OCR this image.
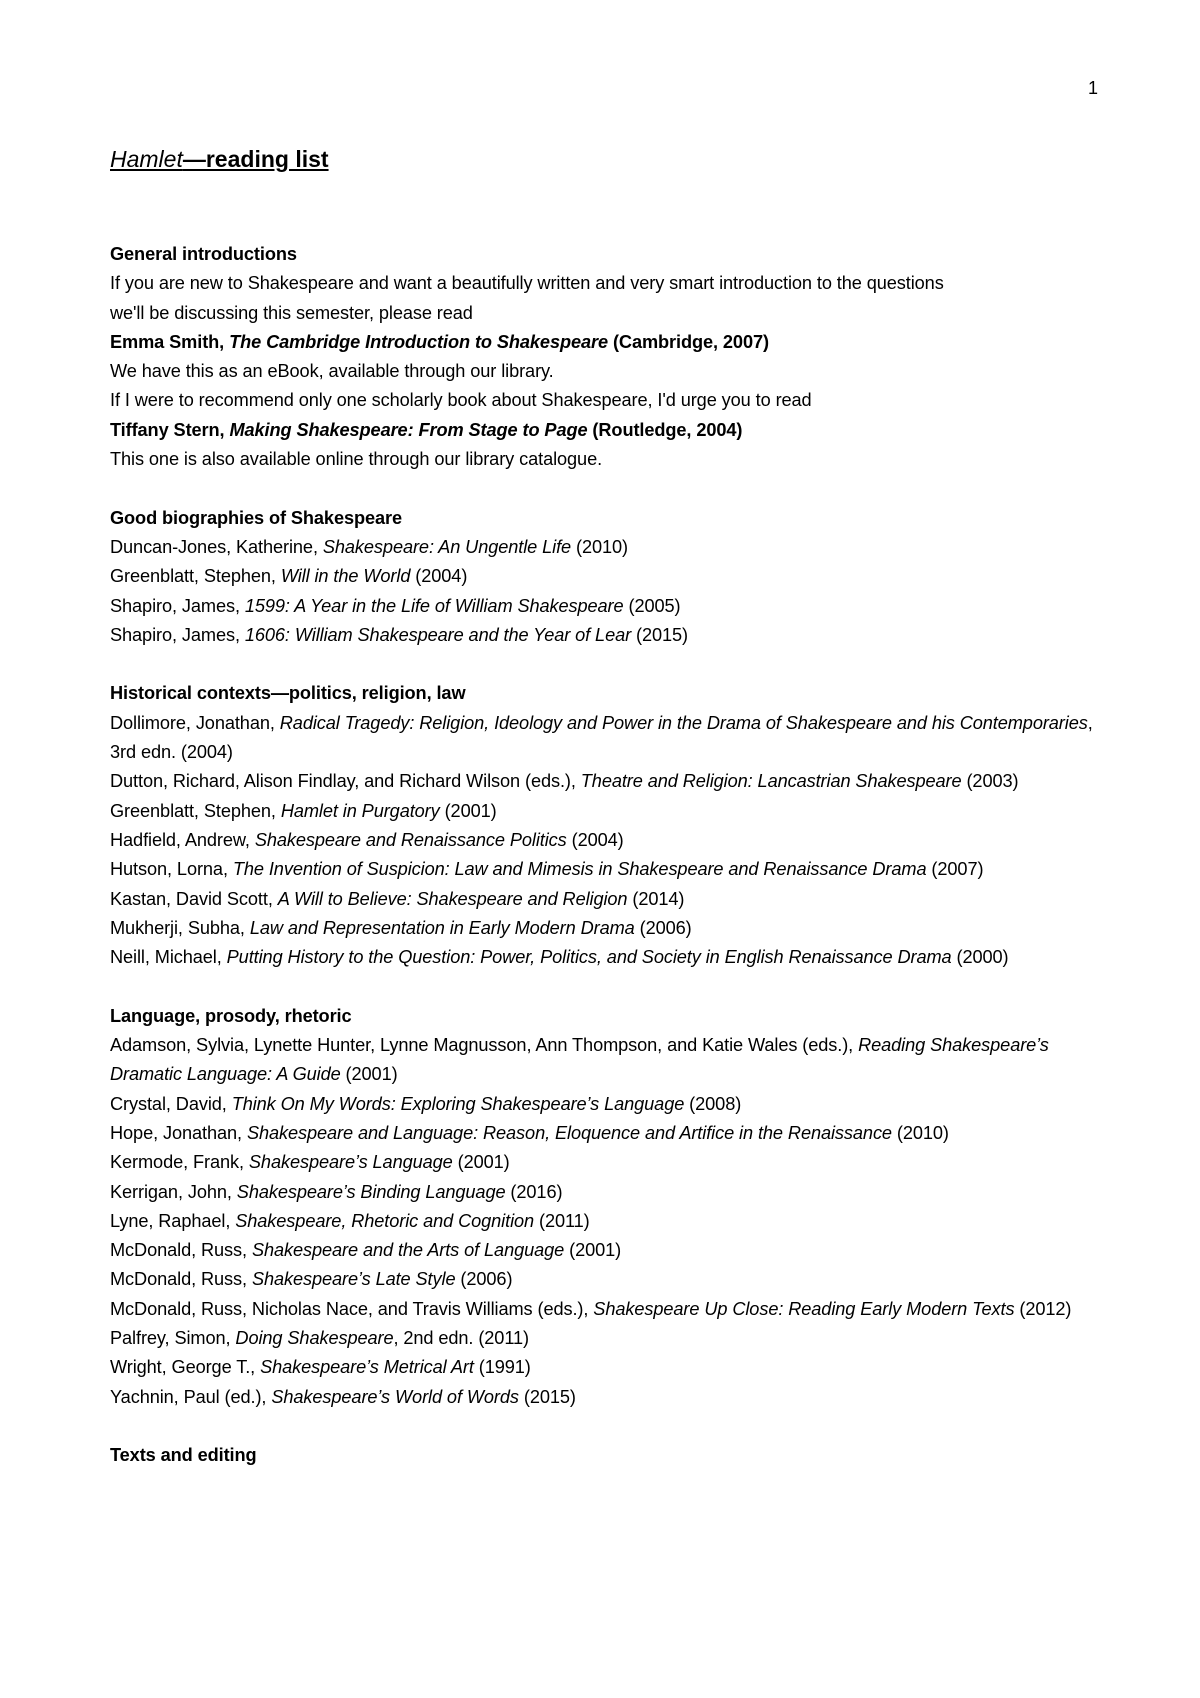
1
Hamlet—reading list
General introductions
If you are new to Shakespeare and want a beautifully written and very smart introduction to the questions
we'll be discussing this semester, please read
Emma Smith, The Cambridge Introduction to Shakespeare (Cambridge, 2007)
We have this as an eBook, available through our library.
If I were to recommend only one scholarly book about Shakespeare, I'd urge you to read
Tiffany Stern, Making Shakespeare: From Stage to Page (Routledge, 2004)
This one is also available online through our library catalogue.
Good biographies of Shakespeare
Duncan-Jones, Katherine, Shakespeare: An Ungentle Life (2010)
Greenblatt, Stephen, Will in the World (2004)
Shapiro, James, 1599: A Year in the Life of William Shakespeare (2005)
Shapiro, James, 1606: William Shakespeare and the Year of Lear (2015)
Historical contexts—politics, religion, law
Dollimore, Jonathan, Radical Tragedy: Religion, Ideology and Power in the Drama of Shakespeare and his Contemporaries, 3rd edn. (2004)
Dutton, Richard, Alison Findlay, and Richard Wilson (eds.), Theatre and Religion: Lancastrian Shakespeare (2003)
Greenblatt, Stephen, Hamlet in Purgatory (2001)
Hadfield, Andrew, Shakespeare and Renaissance Politics (2004)
Hutson, Lorna, The Invention of Suspicion: Law and Mimesis in Shakespeare and Renaissance Drama (2007)
Kastan, David Scott, A Will to Believe: Shakespeare and Religion (2014)
Mukherji, Subha, Law and Representation in Early Modern Drama (2006)
Neill, Michael, Putting History to the Question: Power, Politics, and Society in English Renaissance Drama (2000)
Language, prosody, rhetoric
Adamson, Sylvia, Lynette Hunter, Lynne Magnusson, Ann Thompson, and Katie Wales (eds.), Reading Shakespeare’s Dramatic Language: A Guide (2001)
Crystal, David, Think On My Words: Exploring Shakespeare’s Language (2008)
Hope, Jonathan, Shakespeare and Language: Reason, Eloquence and Artifice in the Renaissance (2010)
Kermode, Frank, Shakespeare’s Language (2001)
Kerrigan, John, Shakespeare’s Binding Language (2016)
Lyne, Raphael, Shakespeare, Rhetoric and Cognition (2011)
McDonald, Russ, Shakespeare and the Arts of Language (2001)
McDonald, Russ, Shakespeare’s Late Style (2006)
McDonald, Russ, Nicholas Nace, and Travis Williams (eds.), Shakespeare Up Close: Reading Early Modern Texts (2012)
Palfrey, Simon, Doing Shakespeare, 2nd edn. (2011)
Wright, George T., Shakespeare’s Metrical Art (1991)
Yachnin, Paul (ed.), Shakespeare’s World of Words (2015)
Texts and editing
